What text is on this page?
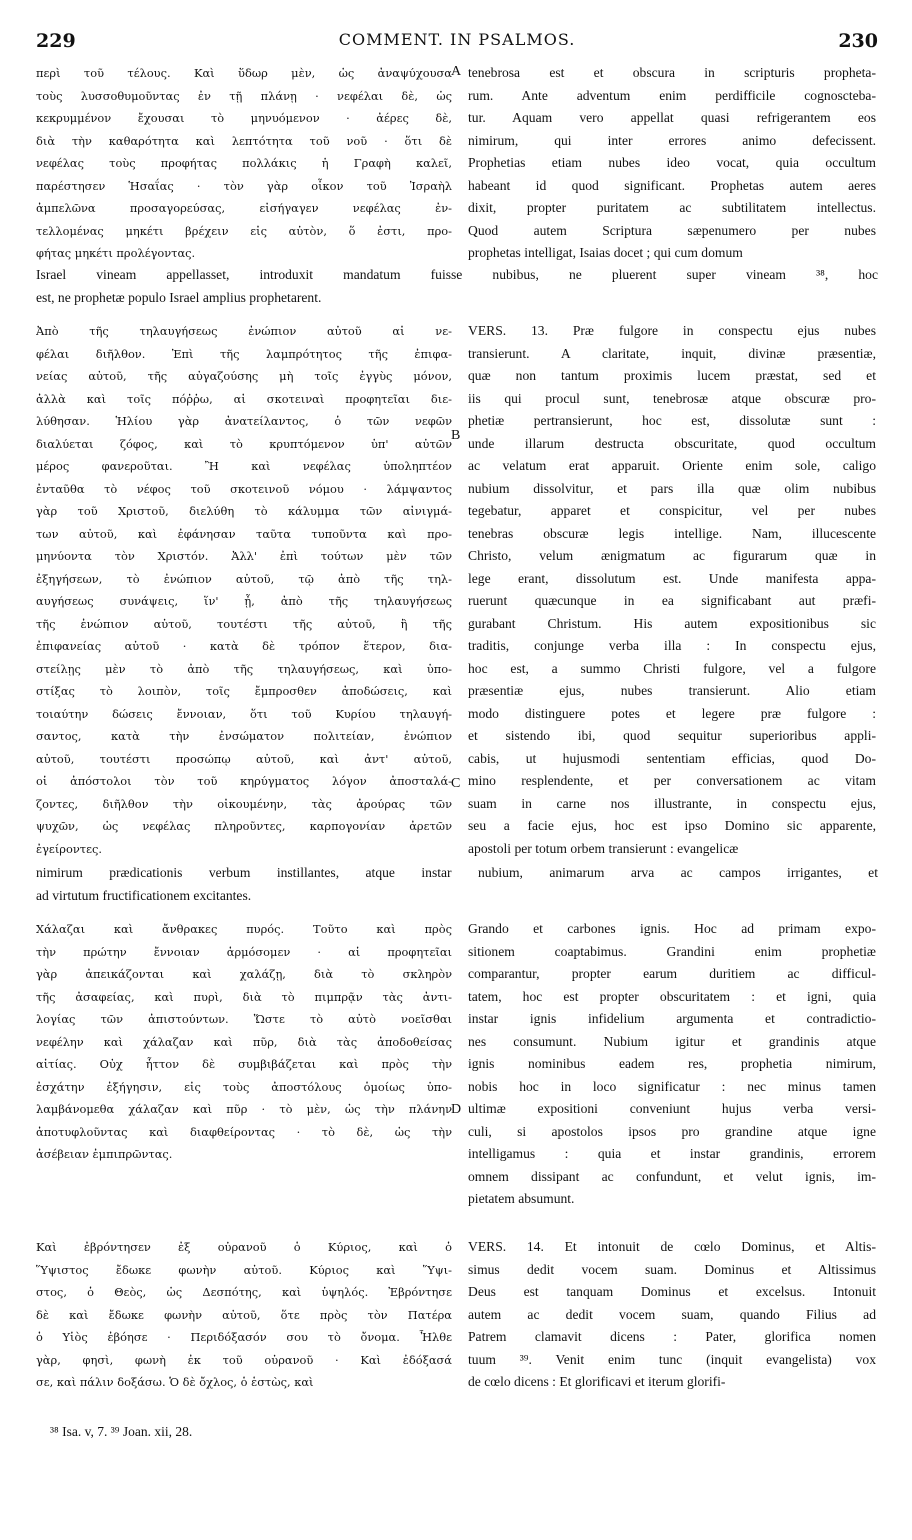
229	COMMENT. IN PSALMOS.	230
περὶ τοῦ τέλους. Καὶ ὕδωρ μὲν, ὡς ἀναψύχουσα
τοὺς λυσσοθυμοῦντας ἐν τῇ πλάνῃ · νεφέλαι δὲ, ὡς
κεκρυμμένον ἔχουσαι τὸ μηνυόμενον · ἀέρες δὲ,
διὰ τὴν καθαρότητα καὶ λεπτότητα τοῦ νοῦ · ὅτι δὲ
νεφέλας τοὺς προφήτας πολλάκις ἡ Γραφὴ καλεῖ,
παρέστησεν Ἡσαΐας · τὸν γὰρ οἶκον τοῦ Ἰσραὴλ
ἀμπελῶνα προσαγορεύσας, εἰσήγαγεν νεφέλας ἐν-
τελλομένας μηκέτι βρέχειν εἰς αὐτὸν, ὅ ἐστι, προ-
φήτας μηκέτι προλέγοντας.
tenebrosa est et obscura in scripturis propheta-
rum. Ante adventum enim perdifficile cognoscteba-
tur. Aquam vero appellat quasi refrigerantem eos
nimirum, qui inter errores animo defecissent.
Prophetias etiam nubes ideo vocat, quia occultum
habeant id quod significant. Prophetas autem aeres
dixit, propter puritatem ac subtilitatem intellectus.
Quod autem Scriptura sæpenumero per nubes
prophetas intelligat, Isaias docet ; qui cum domum
Israel vineam appellasset, introduxit mandatum fuisse nubibus, ne pluerent super vineam ³⁸, hoc
est, ne prophetæ populo Israel amplius prophetarent.
Ἀπὸ τῆς τηλαυγήσεως ἐνώπιον αὐτοῦ αἱ νε-
φέλαι διῆλθον. Ἐπὶ τῆς λαμπρότητος τῆς ἐπιφα-
νείας αὐτοῦ, τῆς αὐγαζούσης μὴ τοῖς ἐγγὺς μόνον,
ἀλλὰ καὶ τοῖς πόῤῥω, αἱ σκοτειναὶ προφητεῖαι διε-
λύθησαν. Ἡλίου γὰρ ἀνατείλαντος, ὁ τῶν νεφῶν
διαλύεται ζόφος, καὶ τὸ κρυπτόμενον ὑπ' αὐτῶν
μέρος φανεροῦται. Ἢ καὶ νεφέλας ὑποληπτέον
ἐνταῦθα τὸ νέφος τοῦ σκοτεινοῦ νόμου · λάμψαντος
γὰρ τοῦ Χριστοῦ, διελύθη τὸ κάλυμμα τῶν αἰνιγμά-
των αὐτοῦ, καὶ ἐφάνησαν ταῦτα τυποῦντα καὶ προ-
μηνύοντα τὸν Χριστόν. Ἀλλ' ἐπὶ τούτων μὲν τῶν
ἐξηγήσεων, τὸ ἐνώπιον αὐτοῦ, τῷ ἀπὸ τῆς τηλ-
αυγήσεως συνάψεις, ἵν' ᾖ, ἀπὸ τῆς τηλαυγήσεως
τῆς ἐνώπιον αὐτοῦ, τουτέστι τῆς αὐτοῦ, ἢ τῆς
ἐπιφανείας αὐτοῦ · κατὰ δὲ τρόπον ἕτερον, δια-
στείλῃς μὲν τὸ ἀπὸ τῆς τηλαυγήσεως, καὶ ὑπο-
στίξας τὸ λοιπὸν, τοῖς ἔμπροσθεν ἀποδώσεις, καὶ
τοιαύτην δώσεις ἔννοιαν, ὅτι τοῦ Κυρίου τηλαυγή-
σαντος, κατὰ τὴν ἐνσώματον πολιτείαν, ἐνώπιον
αὐτοῦ, τουτέστι προσώπῳ αὐτοῦ, καὶ ἀντ' αὐτοῦ,
οἱ ἀπόστολοι τὸν τοῦ κηρύγματος λόγον ἀποσταλά-
ζοντες, διῆλθον τὴν οἰκουμένην, τὰς ἀρούρας τῶν
ψυχῶν, ὡς νεφέλας πληροῦντες, καρπογονίαν ἀρετῶν
ἐγείροντες.
VERS. 13. Præ fulgore in conspectu ejus nubes
transierunt. A claritate, inquit, divinæ præsentiæ,
quæ non tantum proximis lucem præstat, sed et
iis qui procul sunt, tenebrosæ atque obscuræ pro-
phetiæ pertransierunt, hoc est, dissolutæ sunt :
unde illarum destructa obscuritate, quod occultum
ac velatum erat apparuit. Oriente enim sole, caligo
nubium dissolvitur, et pars illa quæ olim nubibus
tegebatur, apparet et conspicitur, vel per nubes
tenebras obscuræ legis intellige. Nam, illucescente
Christo, velum ænigmatum ac figurarum quæ in
lege erant, dissolutum est. Unde manifesta appa-
ruerunt quæcunque in ea significabant aut præfi-
gurabant Christum. His autem expositionibus sic
traditis, conjunge verba illa : In conspectu ejus,
hoc est, a summo Christi fulgore, vel a fulgore
præsentiæ ejus, nubes transierunt. Alio etiam
modo distinguere potes et legere præ fulgore :
et sistendo ibi, quod sequitur superioribus appli-
cabis, ut hujusmodi sententiam efficias, quod Do-
mino resplendente, et per conversationem ac vitam
suam in carne nos illustrante, in conspectu ejus,
seu a facie ejus, hoc est ipso Domino sic apparente,
apostoli per totum orbem transierunt : evangelicæ
nimirum prædicationis verbum instillantes, atque instar nubium, animarum arva ac campos irrigantes, et
ad virtutum fructificationem excitantes.
Χάλαζαι καὶ ἄνθρακες πυρός. Τοῦτο καὶ πρὸς
τὴν πρώτην ἔννοιαν ἁρμόσομεν · αἱ προφητεῖαι
γὰρ ἀπεικάζονται καὶ χαλάζῃ, διὰ τὸ σκληρὸν
τῆς ἀσαφείας, καὶ πυρὶ, διὰ τὸ πιμπρᾷν τὰς ἀντι-
λογίας τῶν ἀπιστούντων. Ὥστε τὸ αὐτὸ νοεῖσθαι
νεφέλην καὶ χάλαζαν καὶ πῦρ, διὰ τὰς ἀποδοθείσας
αἰτίας. Οὐχ ἧττον δὲ συμβιβάζεται καὶ πρὸς τὴν
ἐσχάτην ἐξήγησιν, εἰς τοὺς ἀποστόλους ὁμοίως ὑπο-
λαμβάνομεθα χάλαζαν καὶ πῦρ · τὸ μὲν, ὡς τὴν πλάνην
ἀποτυφλοῦντας καὶ διαφθείροντας · τὸ δὲ, ὡς τὴν
ἀσέβειαν ἐμπιπρῶντας.
Grando et carbones ignis. Hoc ad primam expo-
sitionem coaptabimus. Grandini enim prophetiæ
comparantur, propter earum duritiem ac difficul-
tatem, hoc est propter obscuritatem : et igni, quia
instar ignis infidelium argumenta et contradictio-
nes consumunt. Nubium igitur et grandinis atque
ignis nominibus eadem res, prophetia nimirum,
nobis hoc in loco significatur : nec minus tamen
ultimæ expositioni conveniunt hujus verba versi-
culi, si apostolos ipsos pro grandine atque igne
intelligamus : quia et instar grandinis, errorem
omnem dissipant ac confundunt, et velut ignis, im-
pietatem absumunt.
Καὶ ἐβρόντησεν ἐξ οὐρανοῦ ὁ Κύριος, καὶ ὁ
Ὕψιστος ἔδωκε φωνὴν αὐτοῦ. Κύριος καὶ Ὕψι-
στος, ὁ Θεὸς, ὡς Δεσπότης, καὶ ὑψηλός. Ἐβρόντησε
δὲ καὶ ἔδωκε φωνὴν αὐτοῦ, ὅτε πρὸς τὸν Πατέρα
ὁ Υἱὸς ἐβόησε · Περιδόξασόν σου τὸ ὄνομα. Ἦλθε
γὰρ, φησὶ, φωνὴ ἐκ τοῦ οὐρανοῦ · Καὶ ἐδόξασά
σε, καὶ πάλιν δοξάσω. Ὁ δὲ ὄχλος, ὁ ἑστὼς, καὶ
VERS. 14. Et intonuit de cœlo Dominus, et Altis-
simus dedit vocem suam. Dominus et Altissimus
Deus est tanquam Dominus et excelsus. Intonuit
autem ac dedit vocem suam, quando Filius ad
Patrem clamavit dicens : Pater, glorifica nomen
tuum ³⁹. Venit enim tunc (inquit evangelista) vox
de cœlo dicens : Et glorificavi et iterum glorifi-
A
B
C
D
³⁸ Isa. v, 7. ³⁹ Joan. xii, 28.
